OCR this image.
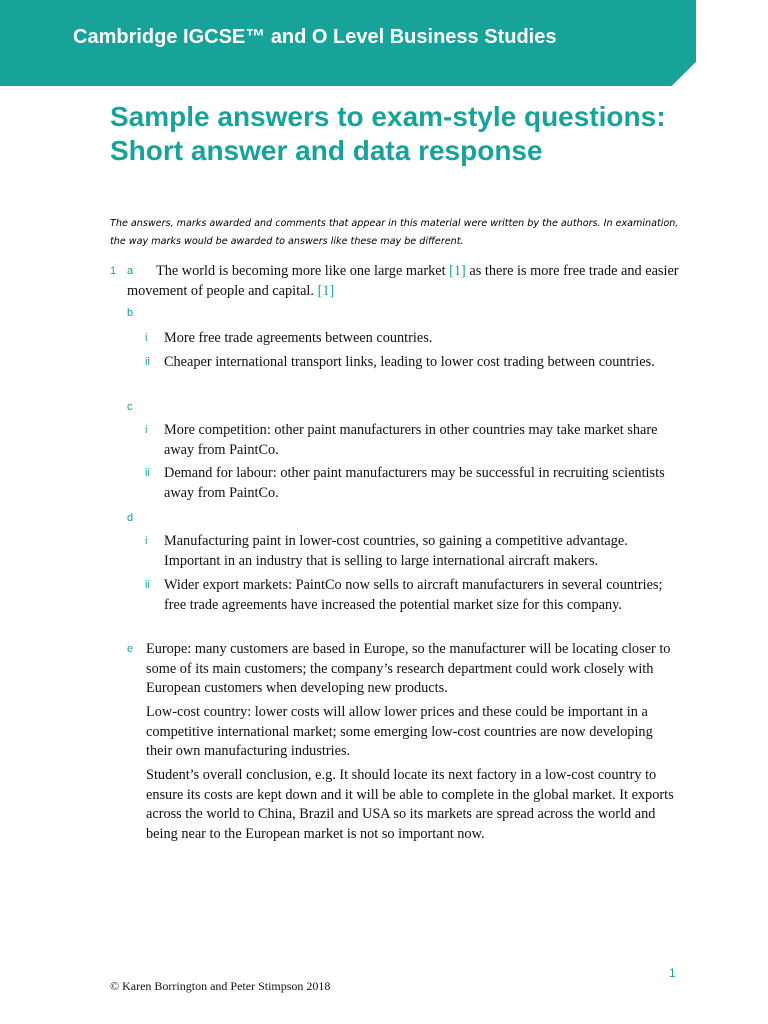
Cambridge IGCSE™ and O Level Business Studies
Sample answers to exam-style questions: Short answer and data response

The answers, marks awarded and comments that appear in this material were written by the authors. In examination, the way marks would be awarded to answers like these may be different.

1 a	The world is becoming more like one large market [1] as there is more free trade and easier movement of people and capital. [1]
b
i More free trade agreements between countries.
ii Cheaper international transport links, leading to lower cost trading between countries.
c
i More competition: other paint manufacturers in other countries may take market share away from PaintCo.
ii Demand for labour: other paint manufacturers may be successful in recruiting scientists away from PaintCo.
d
i Manufacturing paint in lower-cost countries, so gaining a competitive advantage. Important in an industry that is selling to large international aircraft makers.
ii Wider export markets: PaintCo now sells to aircraft manufacturers in several countries; free trade agreements have increased the potential market size for this company.
e Europe: many customers are based in Europe, so the manufacturer will be locating closer to some of its main customers; the company’s research department could work closely with European customers when developing new products.
Low-cost country: lower costs will allow lower prices and these could be important in a competitive international market; some emerging low-cost countries are now developing their own manufacturing industries.
Student’s overall conclusion, e.g. It should locate its next factory in a low-cost country to ensure its costs are kept down and it will be able to complete in the global market. It exports across the world to China, Brazil and USA so its markets are spread across the world and being near to the European market is not so important now.
1
© Karen Borrington and Peter Stimpson 2018
